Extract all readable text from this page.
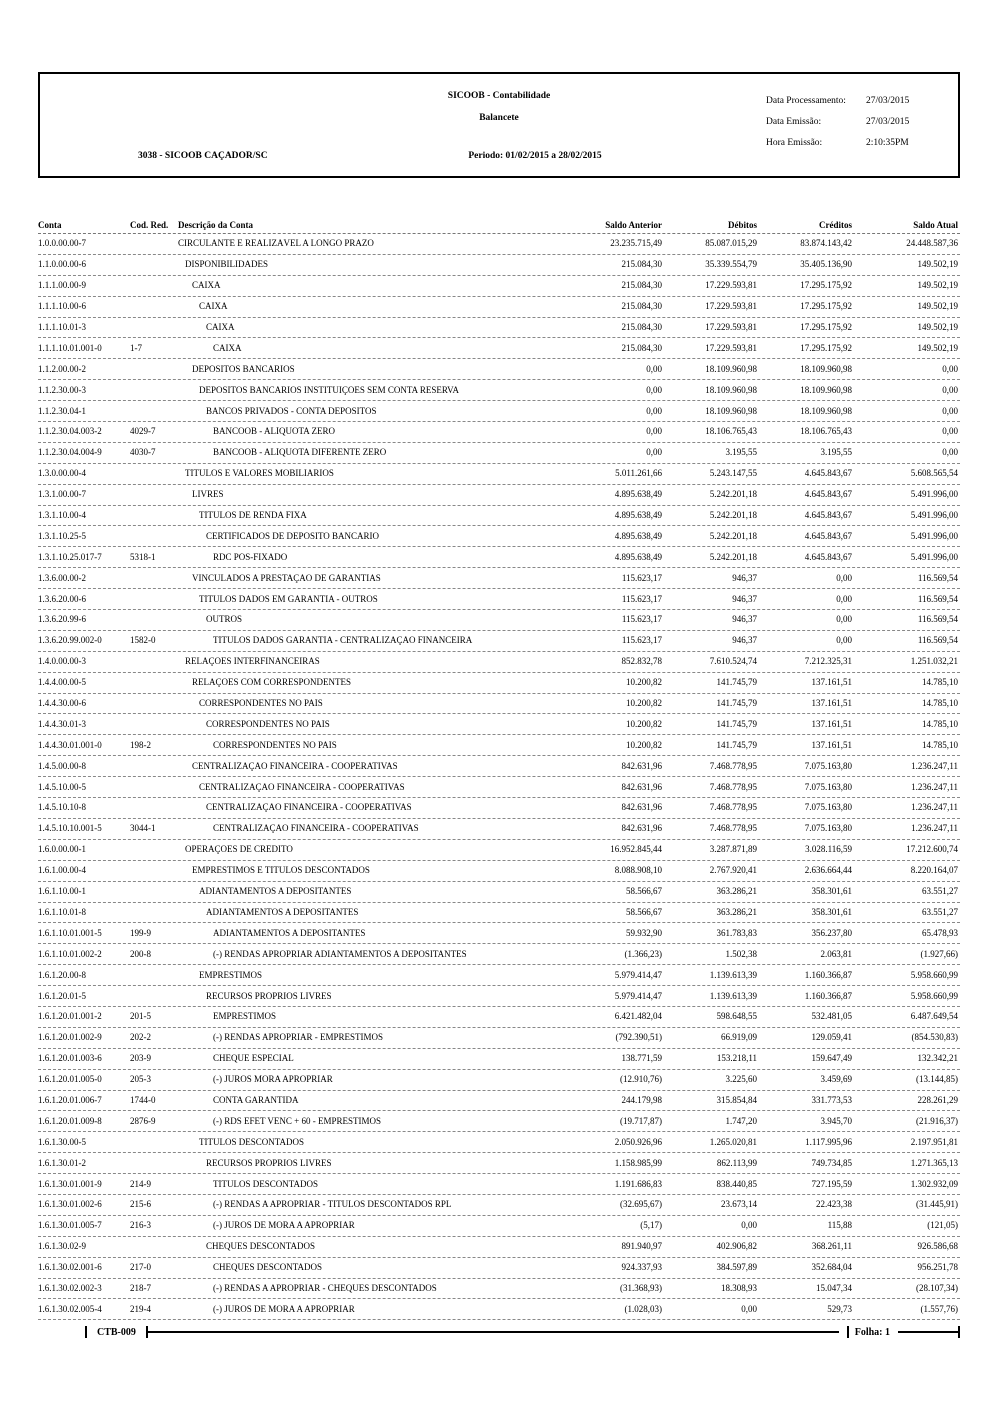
SICOOB - Contabilidade
Balancete
Data Processamento:	27/03/2015
Data Emissão:	27/03/2015
Hora Emissão:	2:10:35PM
3038 - SICOOB CAÇADOR/SC	Periodo: 01/02/2015 a 28/02/2015
Conta	Cod. Red.	Descrição da Conta	Saldo Anterior	Débitos	Créditos	Saldo Atual
1.0.0.00.00-7	CIRCULANTE E REALIZÁVEL A LONGO PRAZO	23.235.715,49	85.087.015,29	83.874.143,42	24.448.587,36
1.1.0.00.00-6	DISPONIBILIDADES	215.084,30	35.339.554,79	35.405.136,90	149.502,19
1.1.1.00.00-9	CAIXA	215.084,30	17.229.593,81	17.295.175,92	149.502,19
1.1.1.10.00-6	CAIXA	215.084,30	17.229.593,81	17.295.175,92	149.502,19
1.1.1.10.01-3	CAIXA	215.084,30	17.229.593,81	17.295.175,92	149.502,19
1.1.1.10.01.001-0	1-7	CAIXA	215.084,30	17.229.593,81	17.295.175,92	149.502,19
1.1.2.00.00-2	DEPÓSITOS BANCÁRIOS	0,00	18.109.960,98	18.109.960,98	0,00
1.1.2.30.00-3	DEPÓSITOS BANCÁRIOS INSTITUIÇÕES SEM CONTA RESERVA	0,00	18.109.960,98	18.109.960,98	0,00
1.1.2.30.04-1	BANCOS PRIVADOS - CONTA DEPÓSITOS	0,00	18.109.960,98	18.109.960,98	0,00
1.1.2.30.04.003-2	4029-7	BANCOOB - ALÍQUOTA ZERO	0,00	18.106.765,43	18.106.765,43	0,00
1.1.2.30.04.004-9	4030-7	BANCOOB - ALÍQUOTA DIFERENTE ZERO	0,00	3.195,55	3.195,55	0,00
1.3.0.00.00-4	TÍTULOS E VALORES MOBILIÁRIOS	5.011.261,66	5.243.147,55	4.645.843,67	5.608.565,54
1.3.1.00.00-7	LIVRES	4.895.638,49	5.242.201,18	4.645.843,67	5.491.996,00
1.3.1.10.00-4	TÍTULOS DE RENDA FIXA	4.895.638,49	5.242.201,18	4.645.843,67	5.491.996,00
1.3.1.10.25-5	CERTIFICADOS DE DEPÓSITO BANCÁRIO	4.895.638,49	5.242.201,18	4.645.843,67	5.491.996,00
1.3.1.10.25.017-7	5318-1	RDC PÓS-FIXADO	4.895.638,49	5.242.201,18	4.645.843,67	5.491.996,00
1.3.6.00.00-2	VINCULADOS A PRESTAÇÃO DE GARANTIAS	115.623,17	946,37	0,00	116.569,54
1.3.6.20.00-6	TÍTULOS DADOS EM GARANTIA - OUTROS	115.623,17	946,37	0,00	116.569,54
1.3.6.20.99-6	OUTROS	115.623,17	946,37	0,00	116.569,54
1.3.6.20.99.002-0	1582-0	TÍTULOS DADOS GARANTIA - CENTRALIZAÇÃO FINANCEIRA	115.623,17	946,37	0,00	116.569,54
1.4.0.00.00-3	RELAÇÕES INTERFINANCEIRAS	852.832,78	7.610.524,74	7.212.325,31	1.251.032,21
1.4.4.00.00-5	RELAÇÕES COM CORRESPONDENTES	10.200,82	141.745,79	137.161,51	14.785,10
1.4.4.30.00-6	CORRESPONDENTES NO PAÍS	10.200,82	141.745,79	137.161,51	14.785,10
1.4.4.30.01-3	CORRESPONDENTES NO PAÍS	10.200,82	141.745,79	137.161,51	14.785,10
1.4.4.30.01.001-0	198-2	CORRESPONDENTES NO PAÍS	10.200,82	141.745,79	137.161,51	14.785,10
1.4.5.00.00-8	CENTRALIZAÇÃO FINANCEIRA - COOPERATIVAS	842.631,96	7.468.778,95	7.075.163,80	1.236.247,11
1.4.5.10.00-5	CENTRALIZAÇÃO FINANCEIRA - COOPERATIVAS	842.631,96	7.468.778,95	7.075.163,80	1.236.247,11
1.4.5.10.10-8	CENTRALIZAÇÃO FINANCEIRA - COOPERATIVAS	842.631,96	7.468.778,95	7.075.163,80	1.236.247,11
1.4.5.10.10.001-5	3044-1	CENTRALIZAÇÃO FINANCEIRA - COOPERATIVAS	842.631,96	7.468.778,95	7.075.163,80	1.236.247,11
1.6.0.00.00-1	OPERAÇÕES DE CRÉDITO	16.952.845,44	3.287.871,89	3.028.116,59	17.212.600,74
1.6.1.00.00-4	EMPRÉSTIMOS E TÍTULOS DESCONTADOS	8.088.908,10	2.767.920,41	2.636.664,44	8.220.164,07
1.6.1.10.00-1	ADIANTAMENTOS A DEPOSITANTES	58.566,67	363.286,21	358.301,61	63.551,27
1.6.1.10.01-8	ADIANTAMENTOS A DEPOSITANTES	58.566,67	363.286,21	358.301,61	63.551,27
1.6.1.10.01.001-5	199-9	ADIANTAMENTOS A DEPOSITANTES	59.932,90	361.783,83	356.237,80	65.478,93
1.6.1.10.01.002-2	200-8	(-) RENDAS APROPRIAR ADIANTAMENTOS A DEPOSITANTES	(1.366,23)	1.502,38	2.063,81	(1.927,66)
1.6.1.20.00-8	EMPRÉSTIMOS	5.979.414,47	1.139.613,39	1.160.366,87	5.958.660,99
1.6.1.20.01-5	RECURSOS PRÓPRIOS LIVRES	5.979.414,47	1.139.613,39	1.160.366,87	5.958.660,99
1.6.1.20.01.001-2	201-5	EMPRÉSTIMOS	6.421.482,04	598.648,55	532.481,05	6.487.649,54
1.6.1.20.01.002-9	202-2	(-) RENDAS APROPRIAR - EMPRÉSTIMOS	(792.390,51)	66.919,09	129.059,41	(854.530,83)
1.6.1.20.01.003-6	203-9	CHEQUE ESPECIAL	138.771,59	153.218,11	159.647,49	132.342,21
1.6.1.20.01.005-0	205-3	(-) JUROS MORA APROPRIAR	(12.910,76)	3.225,60	3.459,69	(13.144,85)
1.6.1.20.01.006-7	1744-0	CONTA GARANTIDA	244.179,98	315.854,84	331.773,53	228.261,29
1.6.1.20.01.009-8	2876-9	(-) RDS EFET VENC + 60 - EMPRÉSTIMOS	(19.717,87)	1.747,20	3.945,70	(21.916,37)
1.6.1.30.00-5	TÍTULOS DESCONTADOS	2.050.926,96	1.265.020,81	1.117.995,96	2.197.951,81
1.6.1.30.01-2	RECURSOS PRÓPRIOS LIVRES	1.158.985,99	862.113,99	749.734,85	1.271.365,13
1.6.1.30.01.001-9	214-9	TÍTULOS DESCONTADOS	1.191.686,83	838.440,85	727.195,59	1.302.932,09
1.6.1.30.01.002-6	215-6	(-) RENDAS A APROPRIAR - TÍTULOS DESCONTADOS RPL	(32.695,67)	23.673,14	22.423,38	(31.445,91)
1.6.1.30.01.005-7	216-3	(-) JUROS DE MORA A APROPRIAR	(5,17)	0,00	115,88	(121,05)
1.6.1.30.02-9	CHEQUES DESCONTADOS	891.940,97	402.906,82	368.261,11	926.586,68
1.6.1.30.02.001-6	217-0	CHEQUES DESCONTADOS	924.337,93	384.597,89	352.684,04	956.251,78
1.6.1.30.02.002-3	218-7	(-) RENDAS A APROPRIAR - CHEQUES DESCONTADOS	(31.368,93)	18.308,93	15.047,34	(28.107,34)
1.6.1.30.02.005-4	219-4	(-) JUROS DE MORA A APROPRIAR	(1.028,03)	0,00	529,73	(1.557,76)
CTB-009	Folha: 1
